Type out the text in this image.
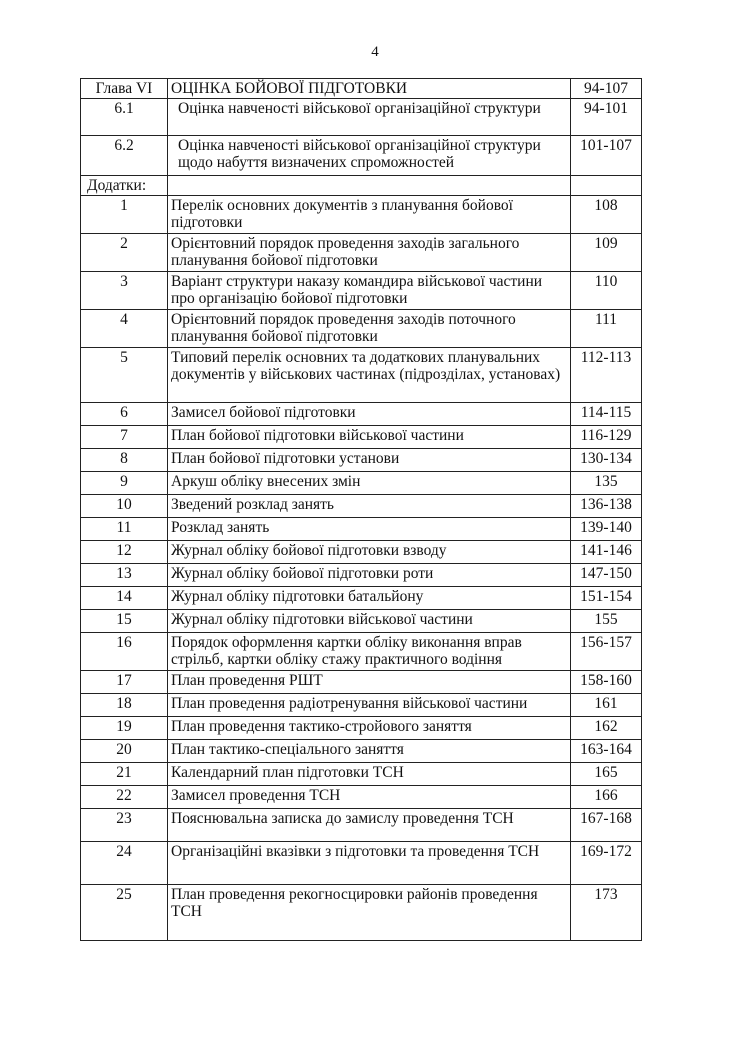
4
Глава VI	ОЦІНКА БОЙОВОЇ ПІДГОТОВКИ	94-107
6.1	Оцінка навченості військової організаційної структури	94-101
6.2	Оцінка навченості військової організаційної структури щодо набуття визначених спроможностей	101-107
Додатки:		
1	Перелік основних документів з планування бойової підготовки	108
2	Орієнтовний порядок проведення заходів загального планування бойової підготовки	109
3	Варіант структури наказу командира військової частини про організацію бойової підготовки	110
4	Орієнтовний порядок проведення заходів поточного планування бойової підготовки	111
5	Типовий перелік основних та додаткових планувальних документів у військових частинах (підрозділах, установах)	112-113
6	Замисел бойової підготовки	114-115
7	План бойової підготовки військової частини	116-129
8	План бойової підготовки установи	130-134
9	Аркуш обліку внесених змін	135
10	Зведений розклад занять	136-138
11	Розклад занять	139-140
12	Журнал обліку бойової підготовки взводу	141-146
13	Журнал обліку бойової підготовки роти	147-150
14	Журнал обліку підготовки батальйону	151-154
15	Журнал обліку підготовки військової частини	155
16	Порядок оформлення картки обліку виконання вправ стрільб, картки обліку стажу практичного водіння	156-157
17	План проведення РШТ	158-160
18	План проведення радіотренування військової частини	161
19	План проведення тактико-стройового заняття	162
20	План тактико-спеціального заняття	163-164
21	Календарний план підготовки ТСН	165
22	Замисел проведення ТСН	166
23	Пояснювальна записка до замислу проведення ТСН	167-168
24	Організаційні вказівки з підготовки та проведення ТСН	169-172
25	План проведення рекогносцировки районів проведення ТСН	173
